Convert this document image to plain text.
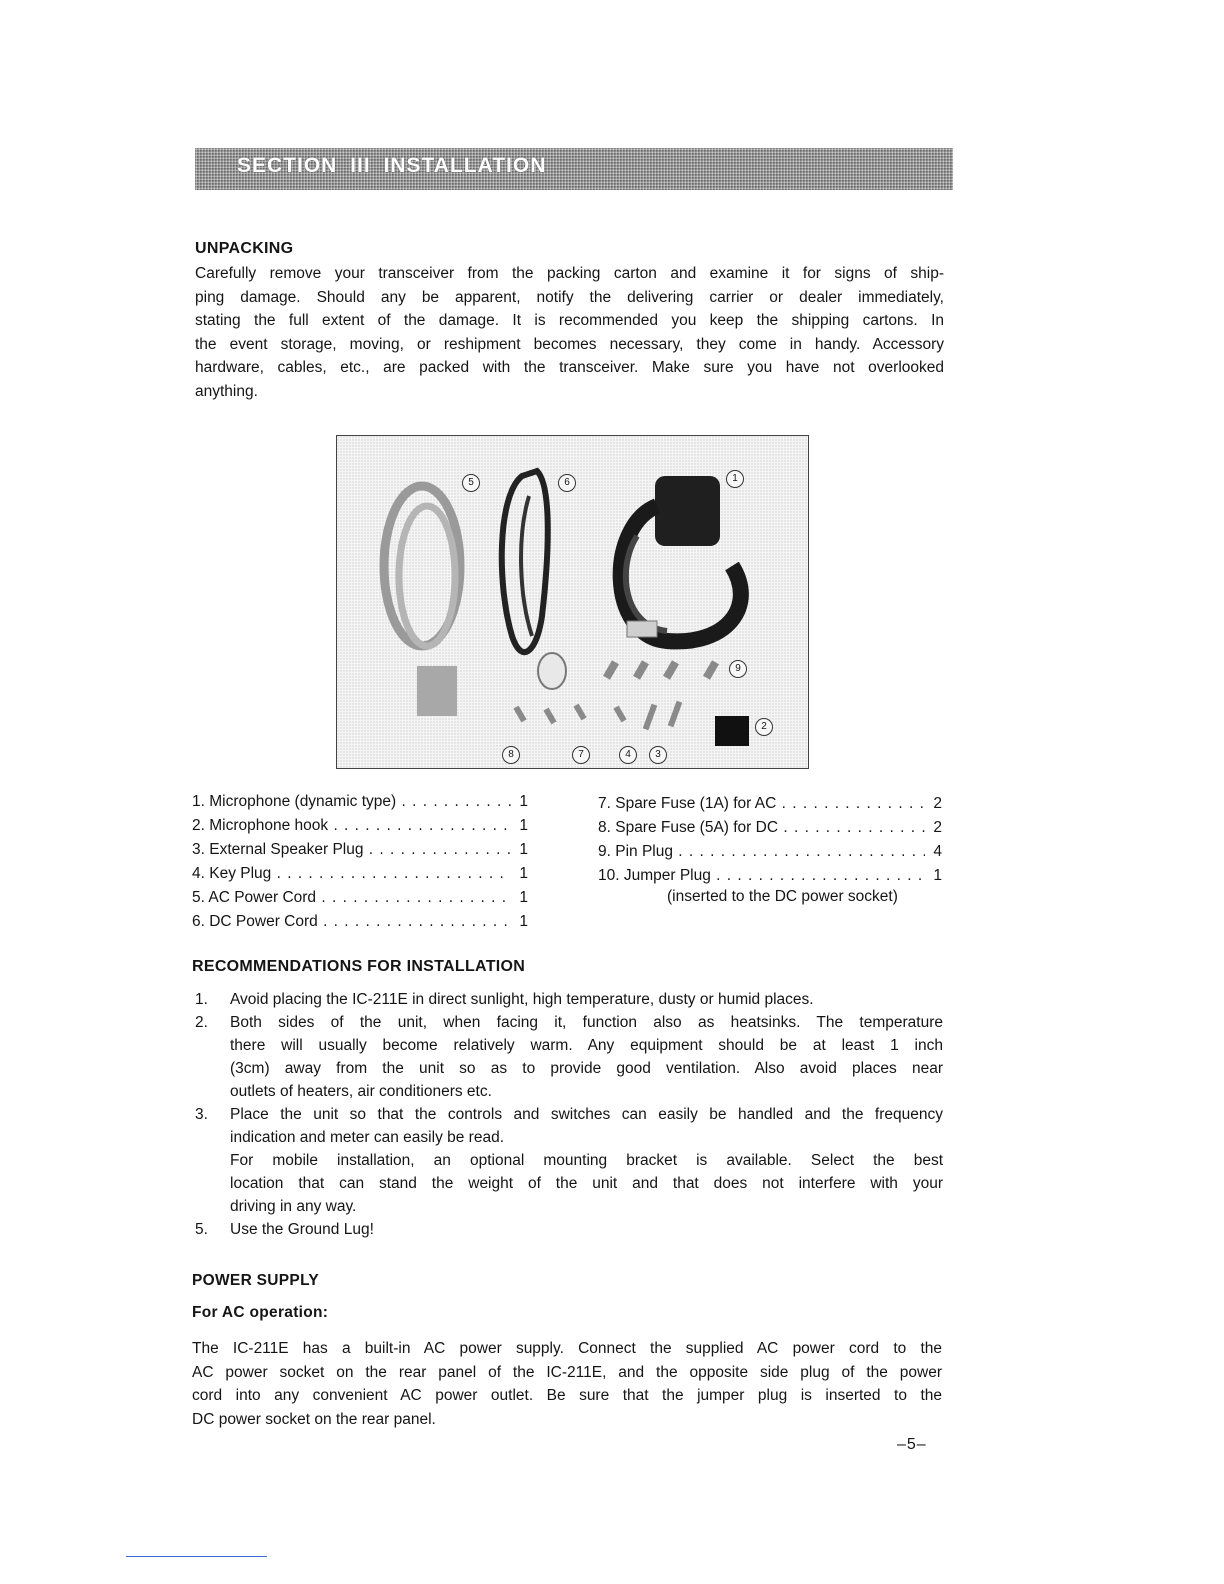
SECTION III INSTALLATION
UNPACKING
Carefully remove your transceiver from the packing carton and examine it for signs of ship-
ping damage. Should any be apparent, notify the delivering carrier or dealer immediately,
stating the full extent of the damage. It is recommended you keep the shipping cartons. In
the event storage, moving, or reshipment becomes necessary, they come in handy. Accessory
hardware, cables, etc., are packed with the transceiver. Make sure you have not overlooked
anything.
5	6	1
9
2
8	7	4	3
1. Microphone (dynamic type) . . .	1
2. Microphone hook . . .	1
3. External Speaker Plug . . .	1
4. Key Plug . . .	1
5. AC Power Cord . . .	1
6. DC Power Cord . . .	1
7. Spare Fuse (1A) for AC . . .	2
8. Spare Fuse (5A) for DC . . .	2
9. Pin Plug . . .	4
10. Jumper Plug . . .	1
(inserted to the DC power socket)
RECOMMENDATIONS FOR INSTALLATION
1. Avoid placing the IC-211E in direct sunlight, high temperature, dusty or humid places.
2. Both sides of the unit, when facing it, function also as heatsinks. The temperature
there will usually become relatively warm. Any equipment should be at least 1 inch
(3cm) away from the unit so as to provide good ventilation. Also avoid places near
outlets of heaters, air conditioners etc.
3. Place the unit so that the controls and switches can easily be handled and the frequency
indication and meter can easily be read.
For mobile installation, an optional mounting bracket is available. Select the best
location that can stand the weight of the unit and that does not interfere with your
driving in any way.
5. Use the Ground Lug!
POWER SUPPLY
For AC operation:
The IC-211E has a built-in AC power supply. Connect the supplied AC power cord to the
AC power socket on the rear panel of the IC-211E, and the opposite side plug of the power
cord into any convenient AC power outlet. Be sure that the jumper plug is inserted to the
DC power socket on the rear panel.
–5–
